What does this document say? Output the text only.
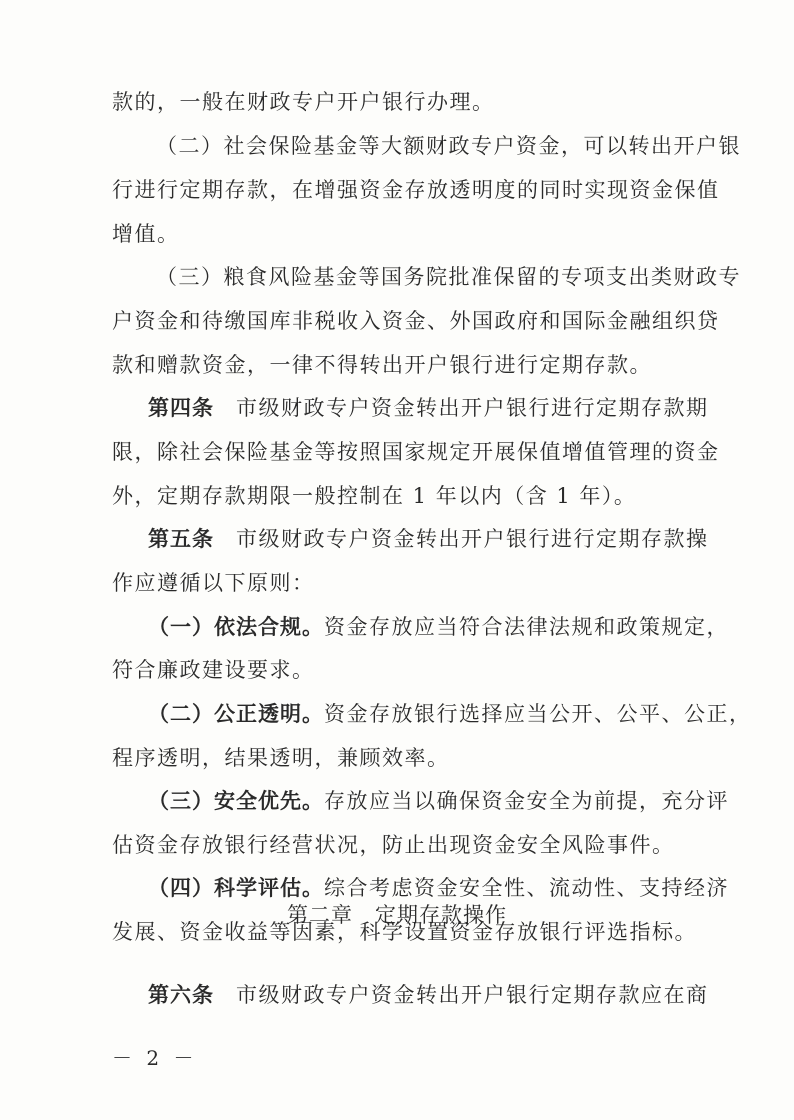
款的，一般在财政专户开户银行办理。
（二）社会保险基金等大额财政专户资金，可以转出开户银
行进行定期存款，在增强资金存放透明度的同时实现资金保值
增值。
（三）粮食风险基金等国务院批准保留的专项支出类财政专
户资金和待缴国库非税收入资金、外国政府和国际金融组织贷
款和赠款资金，一律不得转出开户银行进行定期存款。
第四条 市级财政专户资金转出开户银行进行定期存款期
限，除社会保险基金等按照国家规定开展保值增值管理的资金
外，定期存款期限一般控制在 1 年以内（含 1 年）。
第五条 市级财政专户资金转出开户银行进行定期存款操
作应遵循以下原则：
（一）依法合规。资金存放应当符合法律法规和政策规定，
符合廉政建设要求。
（二）公正透明。资金存放银行选择应当公开、公平、公正，
程序透明，结果透明，兼顾效率。
（三）安全优先。存放应当以确保资金安全为前提，充分评
估资金存放银行经营状况，防止出现资金安全风险事件。
（四）科学评估。综合考虑资金安全性、流动性、支持经济
发展、资金收益等因素，科学设置资金存放银行评选指标。
第二章　定期存款操作
第六条 市级财政专户资金转出开户银行定期存款应在商
－ 2 －
